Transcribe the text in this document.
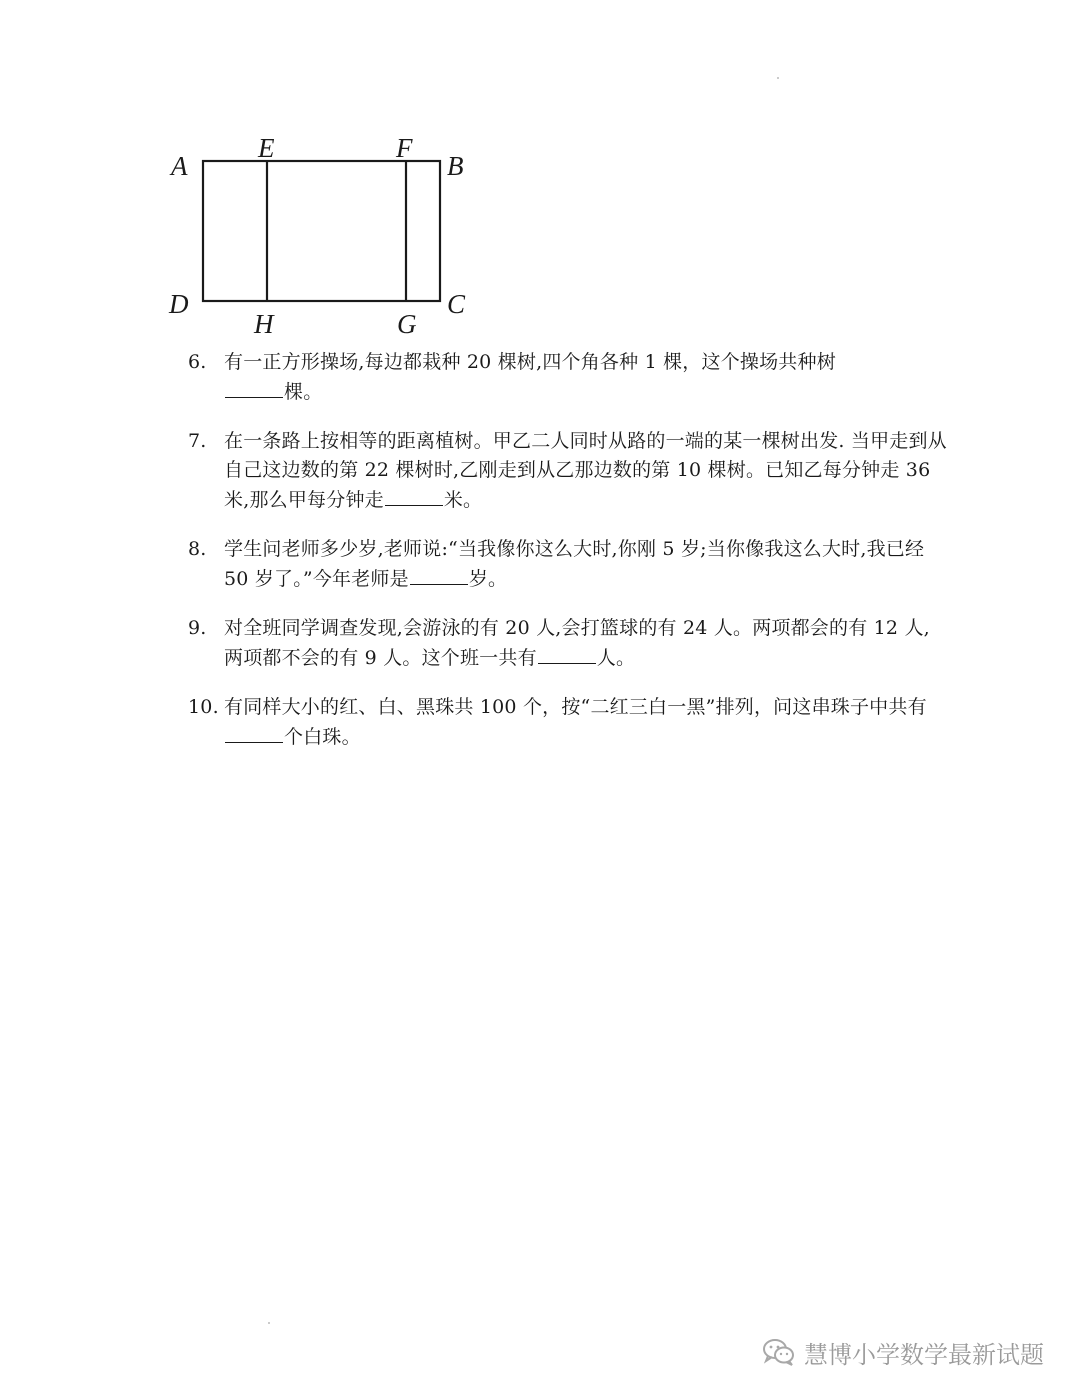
A
E	F
B
D
H	G
C
6. 有一正方形操场,每边都栽种 20 棵树,四个角各种 1 棵，这个操场共种树
棵。
7. 在一条路上按相等的距离植树。甲乙二人同时从路的一端的某一棵树出发. 当甲走到从自己这边数的第 22 棵树时,乙刚走到从乙那边数的第 10 棵树。已知乙每分钟走 36 米,那么甲每分钟走	米。
8. 学生问老师多少岁,老师说:“当我像你这么大时,你刚 5 岁;当你像我这么大时,我已经 50 岁了。”今年老师是	岁。
9. 对全班同学调查发现,会游泳的有 20 人,会打篮球的有 24 人。两项都会的有 12 人,两项都不会的有 9 人。这个班一共有	人。
10. 有同样大小的红、白、黑珠共 100 个，按“二红三白一黑”排列，问这串珠子中共有个白珠。
慧博小学数学最新试题
